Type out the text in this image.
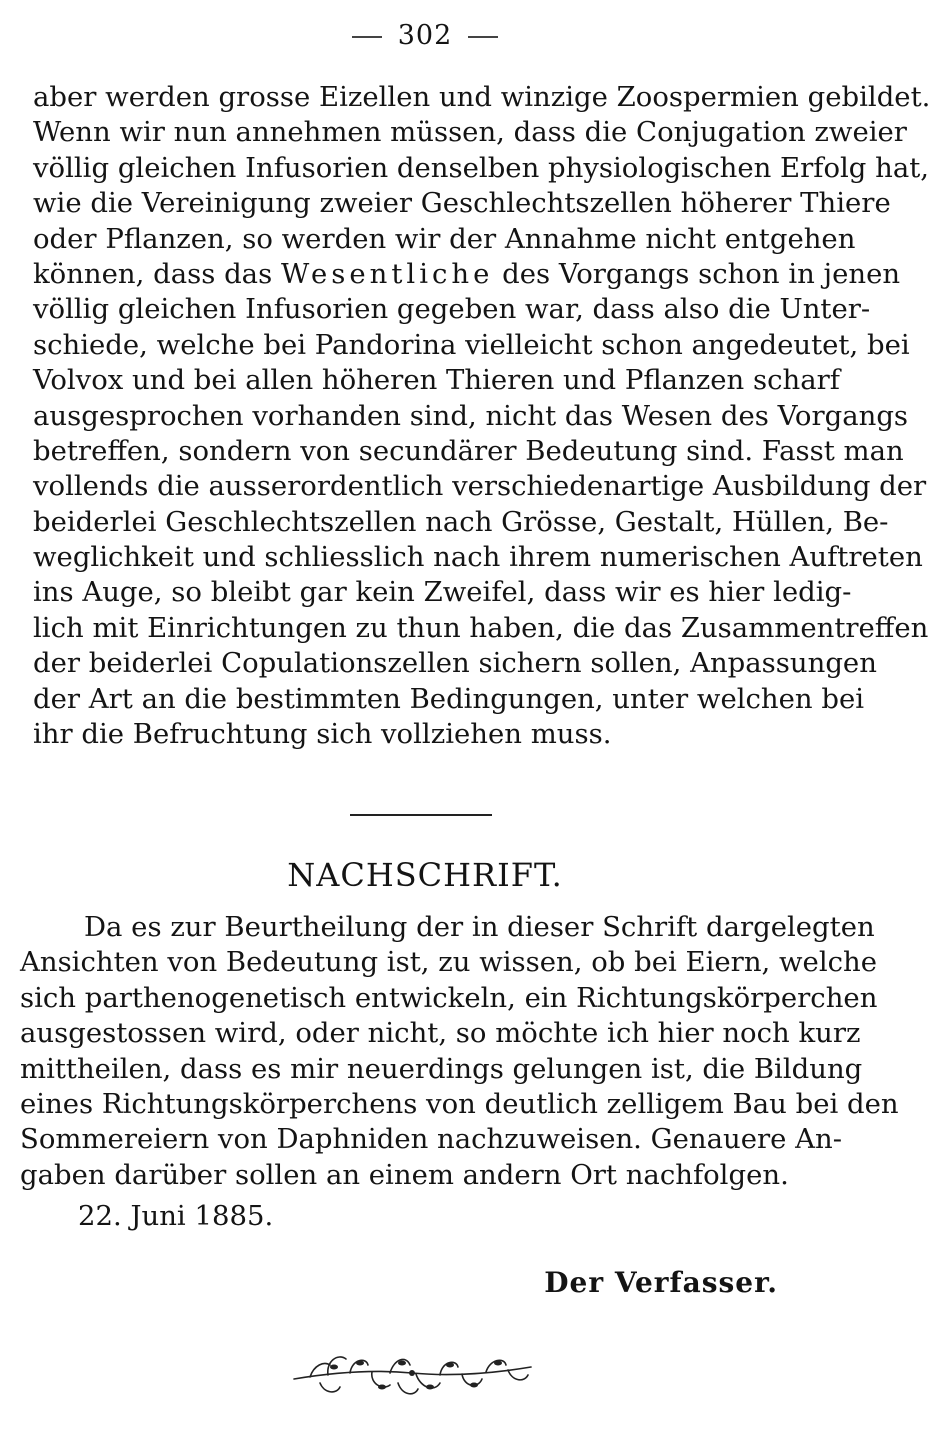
302
aber werden grosse Eizellen und winzige Zoospermien gebildet.
Wenn wir nun annehmen müssen, dass die Conjugation zweier
völlig gleichen Infusorien denselben physiologischen Erfolg hat,
wie die Vereinigung zweier Geschlechtszellen höherer Thiere
oder Pflanzen, so werden wir der Annahme nicht entgehen
können, dass das Wesentliche des Vorgangs schon in jenen
völlig gleichen Infusorien gegeben war, dass also die Unter-
schiede, welche bei Pandorina vielleicht schon angedeutet, bei
Volvox und bei allen höheren Thieren und Pflanzen scharf
ausgesprochen vorhanden sind, nicht das Wesen des Vorgangs
betreffen, sondern von secundärer Bedeutung sind. Fasst man
vollends die ausserordentlich verschiedenartige Ausbildung der
beiderlei Geschlechtszellen nach Grösse, Gestalt, Hüllen, Be-
weglichkeit und schliesslich nach ihrem numerischen Auftreten
ins Auge, so bleibt gar kein Zweifel, dass wir es hier ledig-
lich mit Einrichtungen zu thun haben, die das Zusammentreffen
der beiderlei Copulationszellen sichern sollen, Anpassungen
der Art an die bestimmten Bedingungen, unter welchen bei
ihr die Befruchtung sich vollziehen muss.
NACHSCHRIFT.
Da es zur Beurtheilung der in dieser Schrift dargelegten
Ansichten von Bedeutung ist, zu wissen, ob bei Eiern, welche
sich parthenogenetisch entwickeln, ein Richtungskörperchen
ausgestossen wird, oder nicht, so möchte ich hier noch kurz
mittheilen, dass es mir neuerdings gelungen ist, die Bildung
eines Richtungskörperchens von deutlich zelligem Bau bei den
Sommereiern von Daphniden nachzuweisen. Genauere An-
gaben darüber sollen an einem andern Ort nachfolgen.
22. Juni 1885.
Der Verfasser.
